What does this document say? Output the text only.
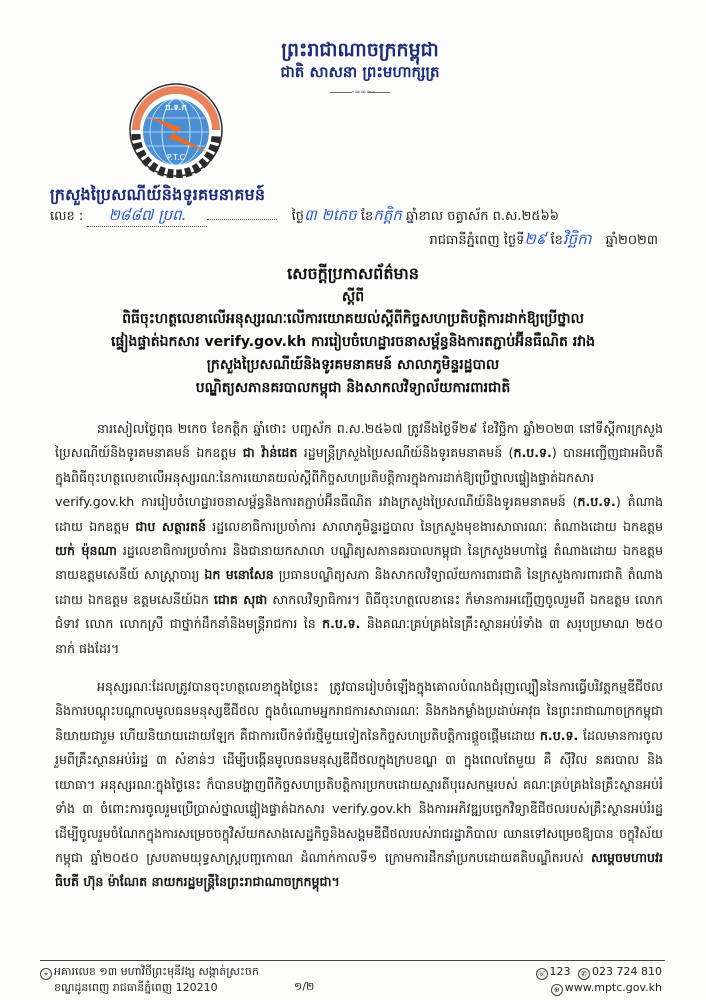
ព្រះរាជាណាចក្រកម្ពុជា
ជាតិ សាសនា ព្រះមហាក្សត្រ
-≈∞≈-
ប.ទ.ក
P.T.C
ក្រសួងប្រៃសណីយ៍និងទូរគមនាគមន៍
លេខ : ២៨៨៧ ប្រព.	ថ្ងៃ៣ ២កេច ខែកត្ដិក ឆ្នាំខាល ចត្វាស័ក ព.ស.២៥៦៦
រាជធានីភ្នំពេញ ថ្ងៃទី២៩ ខែវិច្ឆិកា ឆ្នាំ២០២៣
សេចក្ដីប្រកាសព័ត៌មាន
ស្ដីពី
ពិធីចុះហត្ថលេខាលើអនុស្សរណៈលើការយោគយល់ស្ដីពីកិច្ចសហប្រតិបត្តិការដាក់ឱ្យប្រើថ្នាល
ផ្ទៀងផ្ទាត់ឯកសារ verify.gov.kh ការរៀបចំហេដ្ឋារចនាសម្ព័ន្ធនិងការតភ្ជាប់អ៊ីនធឺណិត រវាង
ក្រសួងប្រៃសណីយ៍និងទូរគមនាគមន៍ សាលាភូមិន្ទរដ្ឋបាល
បណ្ឌិត្យសភានគរបាលកម្ពុជា និងសាកលវិទ្យាល័យការពារជាតិ

នារសៀលថ្ងៃពុធ ២កេច ខែកត្តិក ឆ្នាំថោះ បញ្ចស័ក ព.ស.២៥៦៧ ត្រូវនឹងថ្ងៃទី២៩ ខែវិច្ឆិកា ឆ្នាំ២០២៣ នៅទីស្ដីការក្រសួងប្រៃសណីយ៍និងទូរគមនាគមន៍ ឯកឧត្ដម ជា វ៉ាន់ដេត រដ្ឋមន្ត្រីក្រសួងប្រៃសណីយ៍និងទូរគមនាគមន៍ (ក.ប.ទ.) បានអញ្ជើញជាអធិបតីក្នុងពិធីចុះហត្ថលេខាលើអនុស្សរណៈនៃការយោគយល់ស្ដីពីកិច្ចសហប្រតិបត្តិការក្នុងការដាក់ឱ្យប្រើថ្នាលផ្ទៀងផ្ទាត់ឯកសារ verify.gov.kh ការរៀបចំហេដ្ឋារចនាសម្ព័ន្ធនិងការតភ្ជាប់អ៊ីនធឺណិត រវាងក្រសួងប្រៃសណីយ៍និងទូរគមនាគមន៍ (ក.ប.ទ.) តំណាងដោយ ឯកឧត្ដម ជាប សត្ថារតន៍ រដ្ឋលេខាធិការប្រចាំការ សាលាភូមិន្ទរដ្ឋបាល នៃក្រសួងមុខងារសាធារណៈ តំណាងដោយ ឯកឧត្ដម យក់ ម៉ុនណា រដ្ឋលេខាធិការប្រចាំការ និងជានាយកសាលា បណ្ឌិត្យសភានគរបាលកម្ពុជា នៃក្រសួងមហាផ្ទៃ តំណាងដោយ ឯកឧត្ដម នាយឧត្ដមសេនីយ៍ សាស្ត្រាចារ្យ ឯក មនោសែន ប្រធានបណ្ឌិត្យសភា និងសាកលវិទ្យាល័យការពារជាតិ នៃក្រសួងការពារជាតិ តំណាងដោយ ឯកឧត្ដម ឧត្ដមសេនីយ៍ឯក ជោគ សុផា សាកលវិទ្យាធិការ។ ពិធីចុះហត្ថលេខានេះ ក៏មានការអញ្ជើញចូលរួមពី ឯកឧត្ដម លោកជំទាវ លោក លោកស្រី ជាថ្នាក់ដឹកនាំនិងមន្ត្រីរាជការ នៃ ក.ប.ទ. និងគណៈគ្រប់គ្រងនៃគ្រឹះស្ថានអប់រំទាំង ៣ សរុបប្រមាណ ២៥០ នាក់ ផងដែរ។

អនុស្សរណៈដែលត្រូវបានចុះហត្ថលេខាក្នុងថ្ងៃនេះ ត្រូវបានរៀបចំឡើងក្នុងគោលបំណងជំរុញល្បឿននៃការធ្វើបរិវត្តកម្មឌីជីថល និងការបណ្ដុះបណ្ដាលមូលធនមនុស្សឌីជីថល ក្នុងចំណោមអ្នករាជការសាធារណៈ និងកងកម្លាំងប្រដាប់អាវុធ នៃព្រះរាជាណាចក្រកម្ពុជា និយាយជារួម ហើយនិយាយដោយឡែក គឺជាការបើកទំព័រថ្មីមួយទៀតនៃកិច្ចសហប្រតិបត្តិការផ្ដួចផ្ដើមដោយ ក.ប.ទ. ដែលមានការចូលរួមពីគ្រឹះស្ថានអប់រំរដ្ឋ ៣ សំខាន់ៗ ដើម្បីបង្កើនមូលធនមនុស្សឌីជីថលក្នុងក្របខណ្ឌ ៣ ក្នុងពេលតែមួយ គឺ ស៊ីវិល នគរបាល និងយោធា។ អនុស្សរណៈក្នុងថ្ងៃនេះ ក៏បានបង្ហាញពីកិច្ចសហប្រតិបត្តិការប្រកបដោយស្មារតីបុរេសកម្មរបស់ គណៈគ្រប់គ្រងនៃគ្រឹះស្ថានអប់រំទាំង ៣ ចំពោះការចូលរួមប្រើប្រាស់ថ្នាលផ្ទៀងផ្ទាត់ឯកសារ verify.gov.kh និងការអភិវឌ្ឍបច្ចេកវិទ្យាឌីជីថលរបស់គ្រឹះស្ថានអប់រំរដ្ឋ ដើម្បីចូលរួមចំណែកក្នុងការសម្រេចចក្ខុវិស័យកសាងសេដ្ឋកិច្ចនិងសង្គមឌីជីថលរបស់រាជរដ្ឋាភិបាល ឈានទៅសម្រេចឱ្យបាន ចក្ខុវិស័យកម្ពុជា ឆ្នាំ២០៥០ ស្របតាមយុទ្ធសាស្ត្របញ្ចកោណ ដំណាក់កាលទី១ ក្រោមការដឹកនាំប្រកបដោយគតិបណ្ឌិតរបស់ សម្ដេចមហាបវរធិបតី ហ៊ុន ម៉ាណែត នាយករដ្ឋមន្ត្រីនៃព្រះរាជាណាចក្រកម្ពុជា។

⌖ អគារលេខ ១៣ មហាវិថីព្រះមុនីវង្ស សង្កាត់ស្រះចក
ខណ្ឌដូនពេញ រាជធានីភ្នំពេញ 120210	១/២
☏ 123 ✆ 023 724 810
⊕ www.mptc.gov.kh
